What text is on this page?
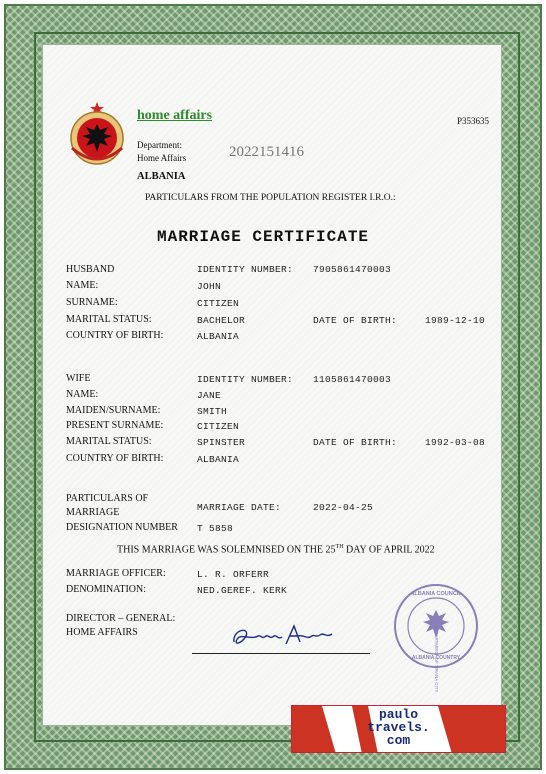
home affairs	P353635
Department:
Home Affairs	2022151416
ALBANIA
PARTICULARS FROM THE POPULATION REGISTER I.R.O.:
MARRIAGE CERTIFICATE
HUSBAND	IDENTITY NUMBER: 7905861470003
NAME:	JOHN
SURNAME:	CITIZEN
MARITAL STATUS:	BACHELOR	DATE OF BIRTH:	1989-12-10
COUNTRY OF BIRTH:	ALBANIA
WIFE	IDENTITY NUMBER: 1105861470003
NAME:	JANE
MAIDEN/SURNAME:	SMITH
PRESENT SURNAME:	CITIZEN
MARITAL STATUS:	SPINSTER	DATE OF BIRTH:	1992-03-08
COUNTRY OF BIRTH:	ALBANIA
PARTICULARS OF
MARRIAGE	MARRIAGE DATE:	2022-04-25
DESIGNATION NUMBER T 5858
THIS MARRIAGE WAS SOLEMNISED ON THE 25TH DAY OF APRIL 2022
MARRIAGE OFFICER:	L. R. ORFERR
DENOMINATION:	NED.GEREF. KERK
DIRECTOR – GENERAL:
HOME AFFAIRS
ALBANIA COUNCIL
DEPARTMENT OF TIRANA CITY
ALBANIA COUNTRY
paulo
travels.
com
